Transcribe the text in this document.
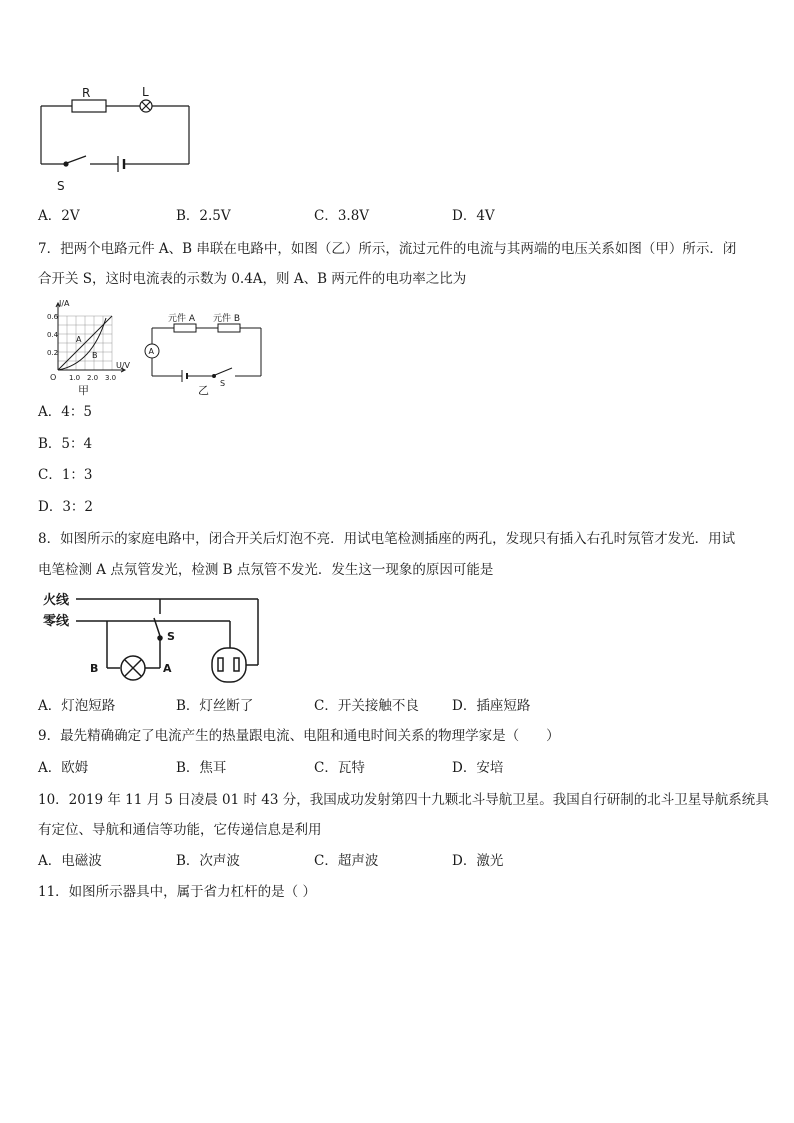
R	L
S
A．2V	B．2.5V	C．3.8V	D．4V
7．把两个电路元件 A、B 串联在电路中，如图（乙）所示，流过元件的电流与其两端的电压关系如图（甲）所示．闭
合开关 S，这时电流表的示数为 0.4A，则 A、B 两元件的电功率之比为
I/A
U/V
0.6
0.4
0.2
O 1.0 2.0 3.0
A
B
甲
元件 A 元件 B
A
S
乙
A．4：5
B．5：4
C．1：3
D．3：2
8．如图所示的家庭电路中，闭合开关后灯泡不亮．用试电笔检测插座的两孔，发现只有插入右孔时氖管才发光．用试
电笔检测 A 点氖管发光，检测 B 点氖管不发光．发生这一现象的原因可能是
火线
零线
S
A
B
A．灯泡短路	B．灯丝断了	C．开关接触不良 D．插座短路
9．最先精确确定了电流产生的热量跟电流、电阻和通电时间关系的物理学家是（　　）
A．欧姆	B．焦耳	C．瓦特	D．安培
10．2019 年 11 月 5 日凌晨 01 时 43 分，我国成功发射第四十九颗北斗导航卫星。我国自行研制的北斗卫星导航系统具
有定位、导航和通信等功能，它传递信息是利用
A．电磁波	B．次声波	C．超声波	D．激光
11．如图所示器具中，属于省力杠杆的是（ ）
